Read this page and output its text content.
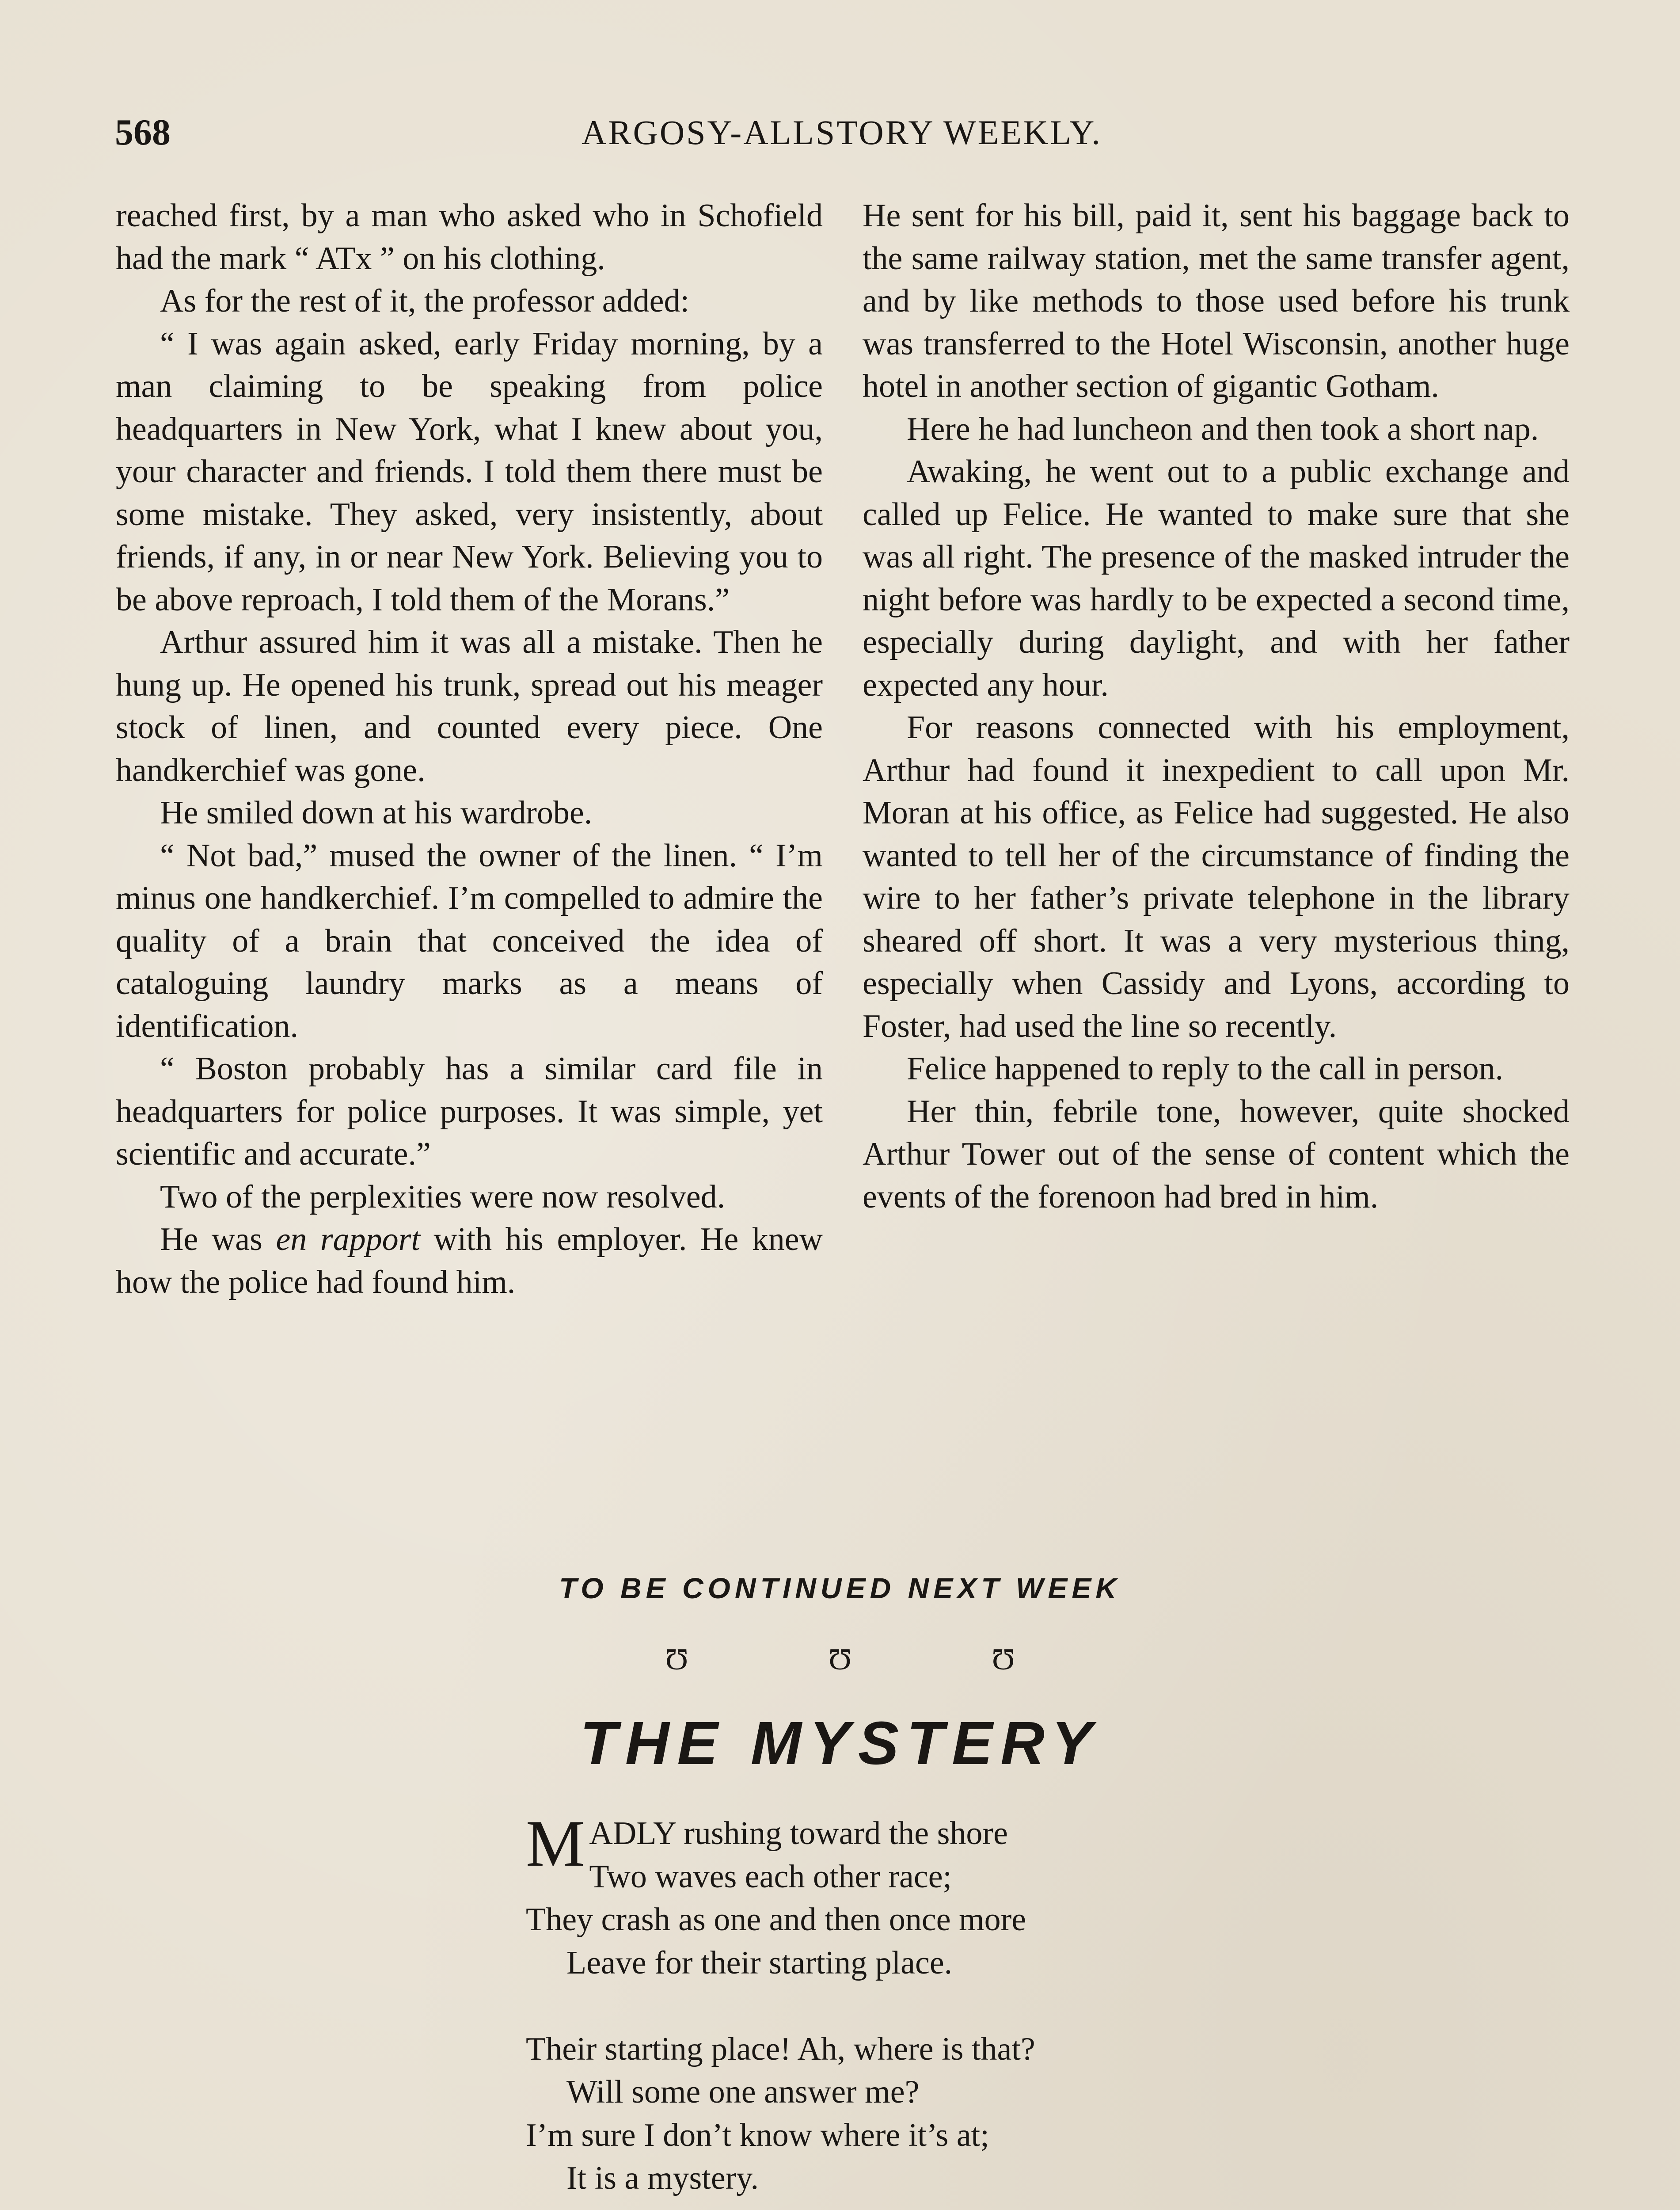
568	ARGOSY-ALLSTORY WEEKLY.

reached first, by a man who asked who in Schofield had the mark “ ATx ” on his clothing.

As for the rest of it, the professor added:

“ I was again asked, early Friday morning, by a man claiming to be speaking from police headquarters in New York, what I knew about you, your character and friends. I told them there must be some mistake. They asked, very insistently, about friends, if any, in or near New York. Believing you to be above reproach, I told them of the Morans.”

Arthur assured him it was all a mistake. Then he hung up. He opened his trunk, spread out his meager stock of linen, and counted every piece. One handkerchief was gone.

He smiled down at his wardrobe.

“ Not bad,” mused the owner of the linen. “ I’m minus one handkerchief. I’m compelled to admire the quality of a brain that conceived the idea of cataloguing laundry marks as a means of identification.

“ Boston probably has a similar card file in headquarters for police purposes. It was simple, yet scientific and accurate.”

Two of the perplexities were now resolved.

He was en rapport with his employer. He knew how the police had found him.

He sent for his bill, paid it, sent his baggage back to the same railway station, met the same transfer agent, and by like methods to those used before his trunk was transferred to the Hotel Wisconsin, another huge hotel in another section of gigantic Gotham.

Here he had luncheon and then took a short nap.

Awaking, he went out to a public exchange and called up Felice. He wanted to make sure that she was all right. The presence of the masked intruder the night before was hardly to be expected a second time, especially during daylight, and with her father expected any hour.

For reasons connected with his employment, Arthur had found it inexpedient to call upon Mr. Moran at his office, as Felice had suggested. He also wanted to tell her of the circumstance of finding the wire to her father’s private telephone in the library sheared off short. It was a very mysterious thing, especially when Cassidy and Lyons, according to Foster, had used the line so recently.

Felice happened to reply to the call in person.

Her thin, febrile tone, however, quite shocked Arthur Tower out of the sense of content which the events of the forenoon had bred in him.

TO BE CONTINUED NEXT WEEK
Ʊ	Ʊ	Ʊ
THE MYSTERY
MADLY rushing toward the shore
Two waves each other race;
They crash as one and then once more
Leave for their starting place.
Their starting place! Ah, where is that?
Will some one answer me?
I’m sure I don’t know where it’s at;
It is a mystery.
